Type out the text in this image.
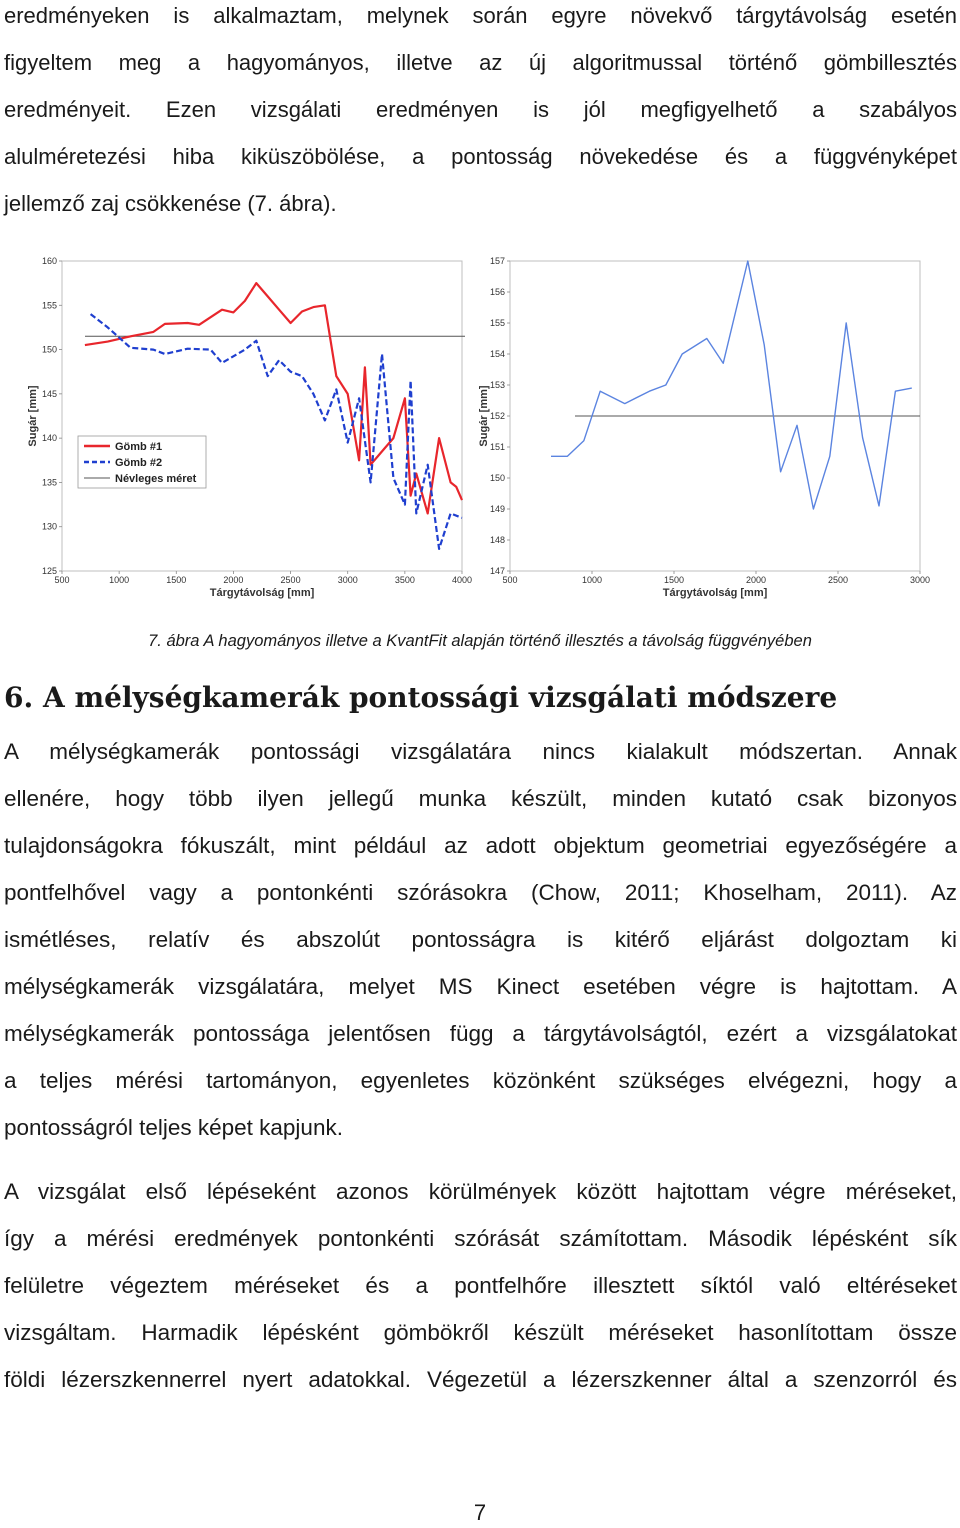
eredményeken is alkalmaztam, melynek során egyre növekvő tárgytávolság esetén
figyeltem meg a hagyományos, illetve az új algoritmussal történő gömbillesztés
eredményeit. Ezen vizsgálati eredményen is jól megfigyelhető a szabályos
alulméretezési hiba kiküszöbölése, a pontosság növekedése és a függvényképet
jellemző zaj csökkenése (7. ábra).
Tárgytávolság [mm]
Sugár [mm]
125
130
135
140
145
150
155
160
500	1000	1500	2000	2500	3000	3500	4000
Gömb #1
Gömb #2
Névleges méret
Tárgytávolság [mm]
Sugár [mm]
147
148
149
150
151
152
153
154
155
156
157
500	1000	1500	2000	2500	3000
7. ábra A hagyományos illetve a KvantFit alapján történő illesztés a távolság függvényében
6. A mélységkamerák pontossági vizsgálati módszere
A mélységkamerák pontossági vizsgálatára nincs kialakult módszertan. Annak
ellenére, hogy több ilyen jellegű munka készült, minden kutató csak bizonyos
tulajdonságokra fókuszált, mint például az adott objektum geometriai egyezőségére a
pontfelhővel vagy a pontonkénti szórásokra (Chow, 2011; Khoselham, 2011). Az
ismétléses, relatív és abszolút pontosságra is kitérő eljárást dolgoztam ki
mélységkamerák vizsgálatára, melyet MS Kinect esetében végre is hajtottam. A
mélységkamerák pontossága jelentősen függ a tárgytávolságtól, ezért a vizsgálatokat
a teljes mérési tartományon, egyenletes közönként szükséges elvégezni, hogy a
pontosságról teljes képet kapjunk.
A vizsgálat első lépéseként azonos körülmények között hajtottam végre méréseket,
így a mérési eredmények pontonkénti szórását számítottam. Második lépésként sík
felületre végeztem méréseket és a pontfelhőre illesztett síktól való eltéréseket
vizsgáltam. Harmadik lépésként gömbökről készült méréseket hasonlítottam össze
földi lézerszkennerrel nyert adatokkal. Végezetül a lézerszkenner által a szenzorról és
7
